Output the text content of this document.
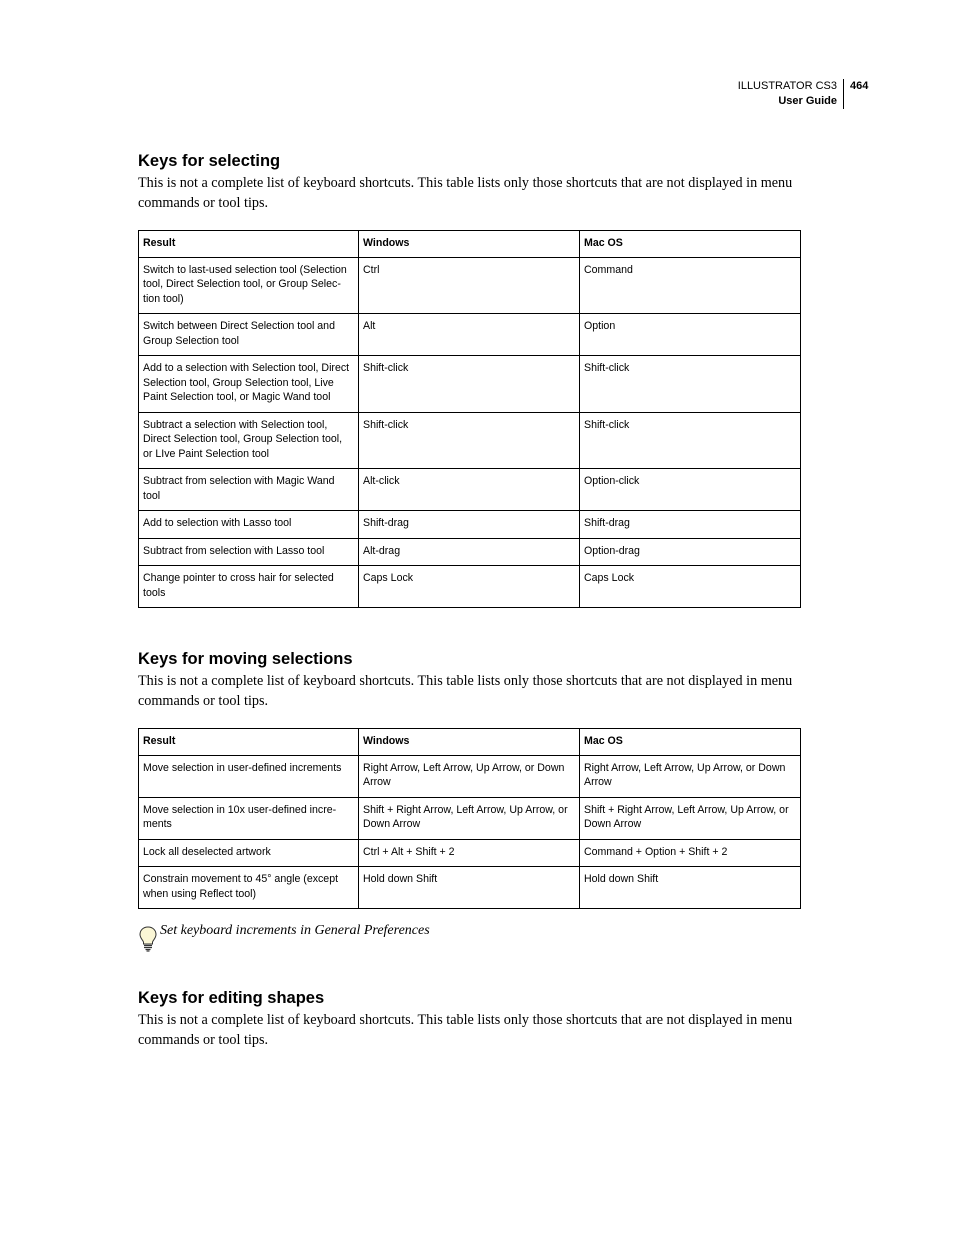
ILLUSTRATOR CS3
User Guide
464
Keys for selecting

This is not a complete list of keyboard shortcuts. This table lists only those shortcuts that are not displayed in menu commands or tool tips.

Result	Windows	Mac OS
Switch to last-used selection tool (Selection tool, Direct Selection tool, or Group Selec-tion tool)	Ctrl	Command
Switch between Direct Selection tool and Group Selection tool	Alt	Option
Add to a selection with Selection tool, Direct Selection tool, Group Selection tool, Live Paint Selection tool, or Magic Wand tool	Shift-click	Shift-click
Subtract a selection with Selection tool, Direct Selection tool, Group Selection tool, or LIve Paint Selection tool	Shift-click	Shift-click
Subtract from selection with Magic Wand tool	Alt-click	Option-click
Add to selection with Lasso tool	Shift-drag	Shift-drag
Subtract from selection with Lasso tool	Alt-drag	Option-drag
Change pointer to cross hair for selected tools	Caps Lock	Caps Lock
Keys for moving selections

This is not a complete list of keyboard shortcuts. This table lists only those shortcuts that are not displayed in menu commands or tool tips.

Result	Windows	Mac OS
Move selection in user-defined increments	Right Arrow, Left Arrow, Up Arrow, or Down Arrow	Right Arrow, Left Arrow, Up Arrow, or Down Arrow
Move selection in 10x user-defined incre-ments	Shift + Right Arrow, Left Arrow, Up Arrow, or Down Arrow	Shift + Right Arrow, Left Arrow, Up Arrow, or Down Arrow
Lock all deselected artwork	Ctrl + Alt + Shift + 2	Command + Option + Shift + 2
Constrain movement to 45° angle (except when using Reflect tool)	Hold down Shift	Hold down Shift
Set keyboard increments in General Preferences
Keys for editing shapes

This is not a complete list of keyboard shortcuts. This table lists only those shortcuts that are not displayed in menu commands or tool tips.
